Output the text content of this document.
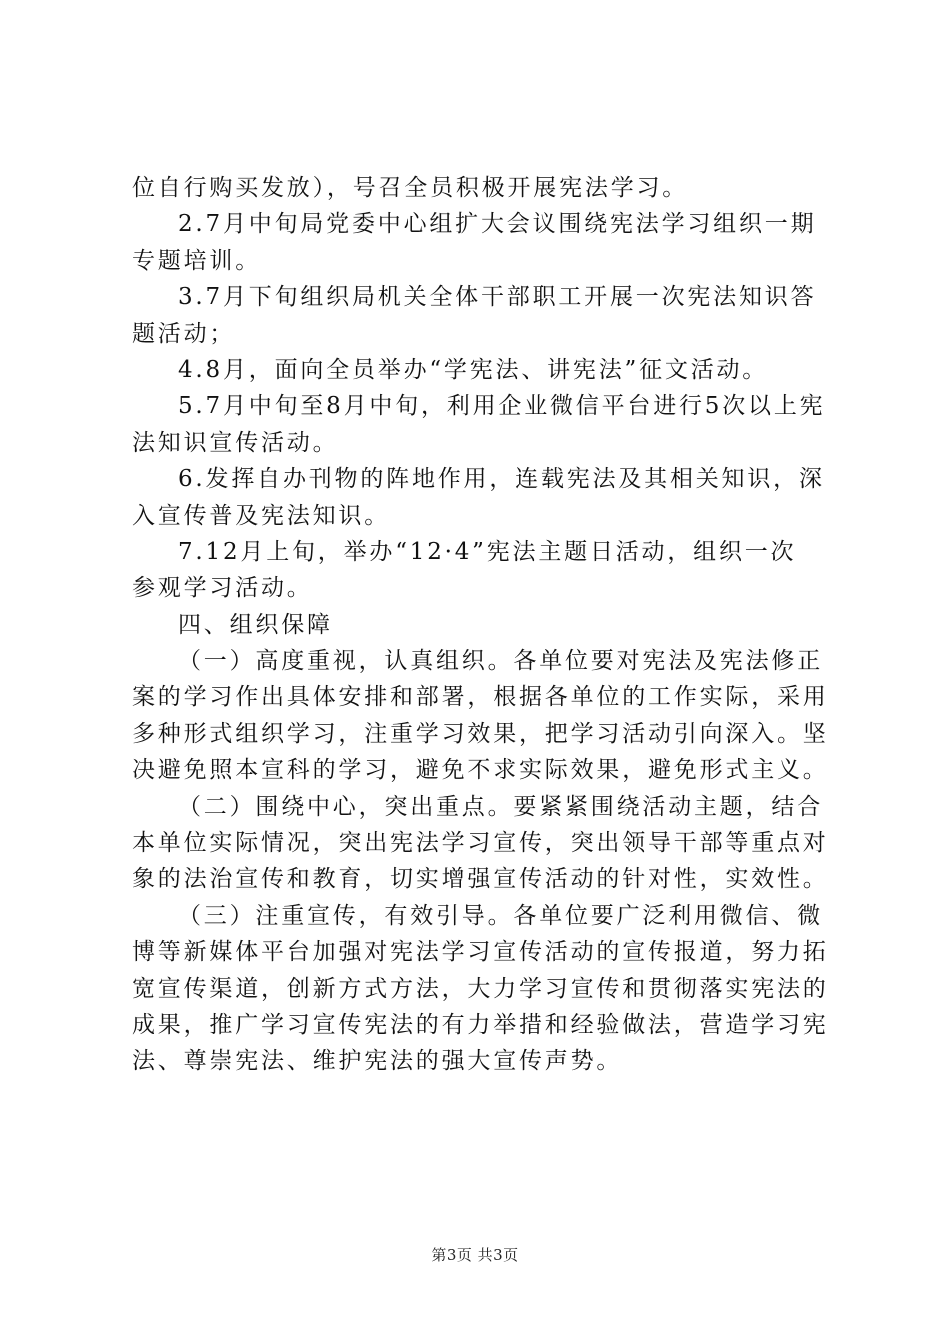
位自行购买发放），号召全员积极开展宪法学习。
2.7月中旬局党委中心组扩大会议围绕宪法学习组织一期
专题培训。
3.7月下旬组织局机关全体干部职工开展一次宪法知识答
题活动；
4.8月，面向全员举办“学宪法、讲宪法”征文活动。
5.7月中旬至8月中旬，利用企业微信平台进行5次以上宪
法知识宣传活动。
6.发挥自办刊物的阵地作用，连载宪法及其相关知识，深
入宣传普及宪法知识。
7.12月上旬，举办“12·4”宪法主题日活动，组织一次
参观学习活动。
四、组织保障
（一）高度重视，认真组织。各单位要对宪法及宪法修正
案的学习作出具体安排和部署，根据各单位的工作实际，采用
多种形式组织学习，注重学习效果，把学习活动引向深入。坚
决避免照本宣科的学习，避免不求实际效果，避免形式主义。
（二）围绕中心，突出重点。要紧紧围绕活动主题，结合
本单位实际情况，突出宪法学习宣传，突出领导干部等重点对
象的法治宣传和教育，切实增强宣传活动的针对性，实效性。
（三）注重宣传，有效引导。各单位要广泛利用微信、微
博等新媒体平台加强对宪法学习宣传活动的宣传报道，努力拓
宽宣传渠道，创新方式方法，大力学习宣传和贯彻落实宪法的
成果，推广学习宣传宪法的有力举措和经验做法，营造学习宪
法、尊崇宪法、维护宪法的强大宣传声势。
第3页 共3页
